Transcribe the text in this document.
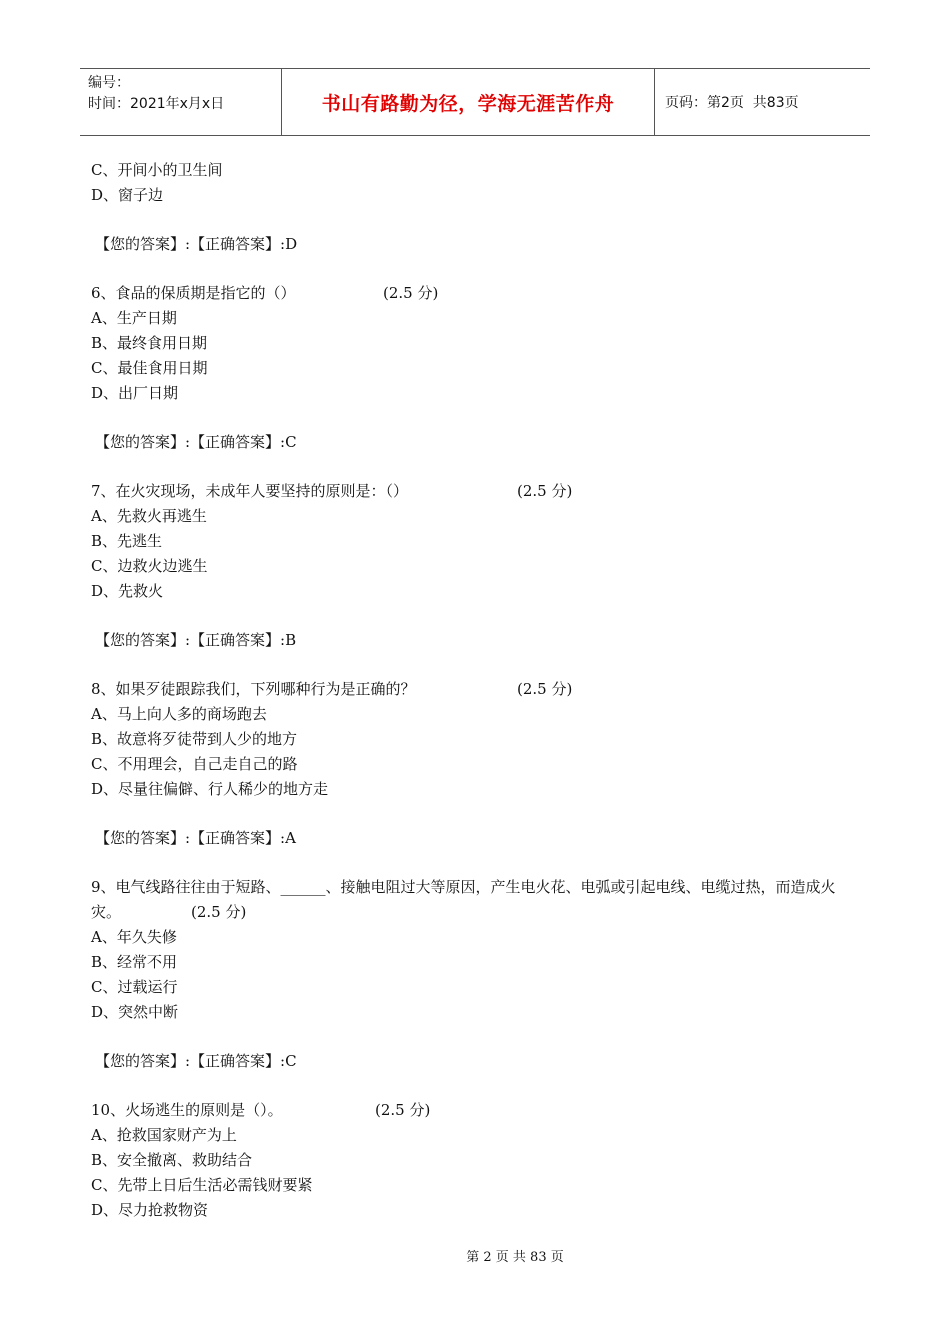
编号：
时间：2021年x月x日	书山有路勤为径，学海无涯苦作舟	页码：第2页  共83页
C、开间小的卫生间
D、窗子边
【您的答案】:【正确答案】:D
6、食品的保质期是指它的（）	(2.5 分)
A、生产日期
B、最终食用日期
C、最佳食用日期
D、出厂日期
【您的答案】:【正确答案】:C
7、在火灾现场，未成年人要坚持的原则是：（）	(2.5 分)
A、先救火再逃生
B、先逃生
C、边救火边逃生
D、先救火
【您的答案】:【正确答案】:B
8、如果歹徒跟踪我们，下列哪种行为是正确的？	(2.5 分)
A、马上向人多的商场跑去
B、故意将歹徒带到人少的地方
C、不用理会，自己走自己的路
D、尽量往偏僻、行人稀少的地方走
【您的答案】:【正确答案】:A
9、电气线路往往由于短路、______、接触电阻过大等原因，产生电火花、电弧或引起电线、电缆过热，而造成火灾。	(2.5 分)
A、年久失修
B、经常不用
C、过载运行
D、突然中断
【您的答案】:【正确答案】:C
10、火场逃生的原则是（）。	(2.5 分)
A、抢救国家财产为上
B、安全撤离、救助结合
C、先带上日后生活必需钱财要紧
D、尽力抢救物资
第 2 页 共 83 页
